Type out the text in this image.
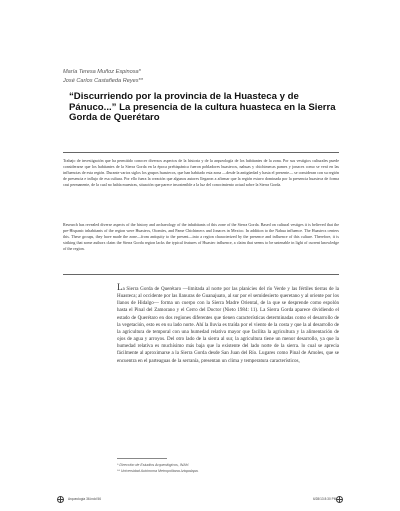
María Teresa Muñoz Espinosa*
José Carlos Castañeda Reyes**
“Discurriendo por la provincia de la Huasteca y de Pánuco...” La presencia de la cultura huasteca en la Sierra Gorda de Querétaro

Trabajo de investigación que ha permitido conocer diversos aspectos de la historia y de la arqueología de los habitantes de la zona. Por sus vestigios culturales puede considerarse que los habitantes de la Sierra Gorda en la época prehispánica fueron pobladores huastecos, nahuas y chichimecas pames y jonaces como se verá en las influencias de esta región. Durante varios siglos los grupos huastecos, que han habitado esta zona —desde la antigüedad y hasta el presente— se consideran con su región de presencia e influjo de esa cultura. Por ello fuera la creación que algunos autores llegaron a afirmar que la región estuvo dominada por la presencia huasteca de forma casi permanente, de la cual no había muestras, situación que parece insostenible a la luz del conocimiento actual sobre la Sierra Gorda.

Research has revealed diverse aspects of the history and archaeology of the inhabitants of this zone of the Sierra Gorda. Based on cultural vestiges it is believed that the pre-Hispanic inhabitants of the region were Huastecs, Otomíes, and Pame Chichimecs and Jonaces in Mexico. In addition to the Nahua influence. The Huastecs centers this. These groups, they have made the zone—from antiquity to the present—into a region characterized by the presence and influence of this culture. Therefore, it is striking that some authors claim the Sierra Gorda region lacks the typical features of Huastec influence, a claim that seems to be untenable in light of current knowledge of the region.

La Sierra Gorda de Querétaro —limitada al norte por las planicies del río Verde y las fértiles tierras de la Huasteca; al occidente por las llanuras de Guanajuato, al sur por el semidesierto queretano y al oriente por los llanos de Hidalgo— forma un cuerpo con la Sierra Madre Oriental, de la que se desprende como espolón hasta el Pinal del Zamorano y el Cerro del Doctor (Nieto 1984: 11). La Sierra Gorda aparece dividiendo el estado de Querétaro en dos regiones diferentes que tienen características determinadas como el desarrollo de la vegetación, esto es en su lado norte. Ahí la lluvia es traída por el viento de la costa y que la al desarrollo de la agricultura de temporal con una humedad relativa mayor que facilita la agricultura y la alimentación de ojos de agua y arroyos. Del otro lado de la sierra al sur, la agricultura tiene un menor desarrollo, ya que la humedad relativa es muchísimo más baja que la existente del lado norte de la sierra. lo cual se aprecia fácilmente al aproximarse a la Sierra Gorda desde San Juan del Río. Lugares como Pinal de Amoles, que se encuentra en el parteaguas de la serranía, presentan un clima y temperatura característicos,

* Dirección de Estudios Arqueológicos, INAH.
** Universidad Autónoma Metropolitana-Iztapalapa.
Arqueología 36.indd 56	6/28/13 8:30 PM
